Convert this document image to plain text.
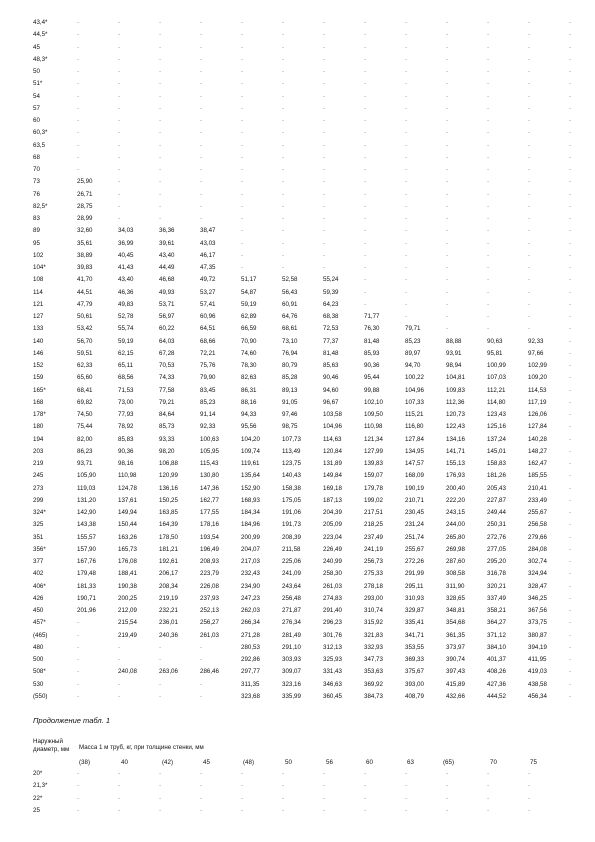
43,4*	·	·	·	·	·	·	·	·	·	·	·	·	·
44,5*	·	·	·	·	·	·	·	·	·	·	·	·	·
45	·	·	·	·	·	·	·	·	·	·	·	·	·
48,3*	·	·	·	·	·	·	·	·	·	·	·	·	·
50	·	·	·	·	·	·	·	·	·	·	·	·	·
51*	·	·	·	·	·	·	·	·	·	·	·	·	·
54	·	·	·	·	·	·	·	·	·	·	·	·	·
57	·	·	·	·	·	·	·	·	·	·	·	·	·
60	·	·	·	·	·	·	·	·	·	·	·	·	·
60,3*	·	·	·	·	·	·	·	·	·	·	·	·	·
63,5	·	·	·	·	·	·	·	·	·	·	·	·	·
68	·	·	·	·	·	·	·	·	·	·	·	·	·
70	·	·	·	·	·	·	·	·	·	·	·	·	·
73	25,90	·	·	·	·	·	·	·	·	·	·	·	·
76	26,71	·	·	·	·	·	·	·	·	·	·	·	·
82,5*	28,75	·	·	·	·	·	·	·	·	·	·	·	·
83	28,99	·	·	·	·	·	·	·	·	·	·	·	·
89	32,60	34,03	36,36	38,47	·	·	·	·	·	·	·	·	·
95	35,61	36,99	39,61	43,03	·	·	·	·	·	·	·	·	·
102	38,89	40,45	43,40	46,17	·	·	·	·	·	·	·	·	·
104*	39,83	41,43	44,49	47,35	·	·	·	·	·	·	·	·	·
108	41,70	43,40	46,68	49,72	51,17	52,58	55,24	·	·	·	·	·	·
114	44,51	46,36	49,93	53,27	54,87	56,43	59,39	·	·	·	·	·	·
121	47,79	49,83	53,71	57,41	59,19	60,91	64,23	·	·	·	·	·	·
127	50,61	52,78	56,97	60,96	62,89	64,76	68,38	71,77	·	·	·	·	·
133	53,42	55,74	60,22	64,51	66,59	68,61	72,53	76,30	79,71	·	·	·	·
140	56,70	59,19	64,03	68,66	70,90	73,10	77,37	81,48	85,23	88,88	90,63	92,33	·
146	59,51	62,15	67,28	72,21	74,60	76,94	81,48	85,93	89,97	93,91	95,81	97,66	·
152	62,33	65,11	70,53	75,76	78,30	80,79	85,63	90,36	94,70	98,94	100,99	102,99	·
159	65,60	68,56	74,33	79,90	82,63	85,28	90,46	95,44	100,22	104,81	107,03	109,20	·
165*	68,41	71,53	77,58	83,45	86,31	89,13	94,60	99,88	104,96	109,83	112,21	114,53	·
168	69,82	73,00	79,21	85,23	88,16	91,05	96,67	102,10	107,33	112,36	114,80	117,19	·
178*	74,50	77,93	84,64	91,14	94,33	97,46	103,58	109,50	115,21	120,73	123,43	126,06	·
180	75,44	78,92	85,73	92,33	95,56	98,75	104,96	110,98	116,80	122,43	125,16	127,84	·
194	82,00	85,83	93,33	100,63	104,20	107,73	114,63	121,34	127,84	134,16	137,24	140,28	·
203	86,23	90,36	98,20	105,95	109,74	113,49	120,84	127,99	134,95	141,71	145,01	148,27	·
219	93,71	98,16	106,88	115,43	119,61	123,75	131,89	139,83	147,57	155,13	158,83	162,47	·
245	105,90	110,98	120,99	130,80	135,64	140,43	149,84	159,07	168,09	176,93	181,26	185,55	·
273	119,03	124,78	136,16	147,36	152,90	158,38	169,18	179,78	190,19	200,40	205,43	210,41	·
299	131,20	137,61	150,25	162,77	168,93	175,05	187,13	199,02	210,71	222,20	227,87	233,49	·
324*	142,90	149,94	163,85	177,55	184,34	191,06	204,39	217,51	230,45	243,15	249,44	255,67	·
325	143,38	150,44	164,39	178,16	184,96	191,73	205,09	218,25	231,24	244,00	250,31	256,58	·
351	155,57	163,26	178,50	193,54	200,99	208,39	223,04	237,49	251,74	265,80	272,76	279,66	·
356*	157,90	165,73	181,21	196,49	204,07	211,58	226,49	241,19	255,67	269,98	277,05	284,08	·
377	167,76	176,08	192,61	208,93	217,03	225,06	240,99	256,73	272,26	287,60	295,20	302,74	·
402	179,48	188,41	206,17	223,79	232,43	241,09	258,30	275,33	291,99	308,58	316,78	324,94	·
406*	181,33	190,38	208,34	226,08	234,90	243,64	261,03	278,18	295,11	311,90	320,21	328,47	·
426	190,71	200,25	219,19	237,93	247,23	256,48	274,83	293,00	310,93	328,65	337,49	346,25	·
450	201,96	212,09	232,21	252,13	262,03	271,87	291,40	310,74	329,87	348,81	358,21	367,56	·
457*	·	215,54	236,01	256,27	266,34	276,34	296,23	315,92	335,41	354,68	364,27	373,75	·
(465)	·	219,49	240,36	261,03	271,28	281,49	301,76	321,83	341,71	361,35	371,12	380,87	·
480	·	·	·	·	280,53	291,10	312,13	332,93	353,55	373,97	384,10	394,19	·
500	·	·	·	·	292,86	303,93	325,93	347,73	369,33	390,74	401,37	411,95	·
508*	·	240,08	263,06	286,46	297,77	309,07	331,43	353,63	375,67	397,43	408,26	419,03	·
530	·	·	·	·	311,35	323,16	346,63	369,92	393,00	415,89	427,36	438,58	·
(550)	·	·	·	·	323,68	335,99	360,45	384,73	408,79	432,66	444,52	456,34	·
Продолжение табл. 1
Наружный диаметр, мм	Масса 1 м труб, кг, при толщине стенки, мм
(38)	40	(42)	45	(48)	50	56	60	63	(65)	70	75
20*	·	·	·	·	·	·	·	·	·	·	·	·
21,3*	·	·	·	·	·	·	·	·	·	·	·	·
22*	·	·	·	·	·	·	·	·	·	·	·	·
25	·	·	·	·	·	·	·	·	·	·	·	·
